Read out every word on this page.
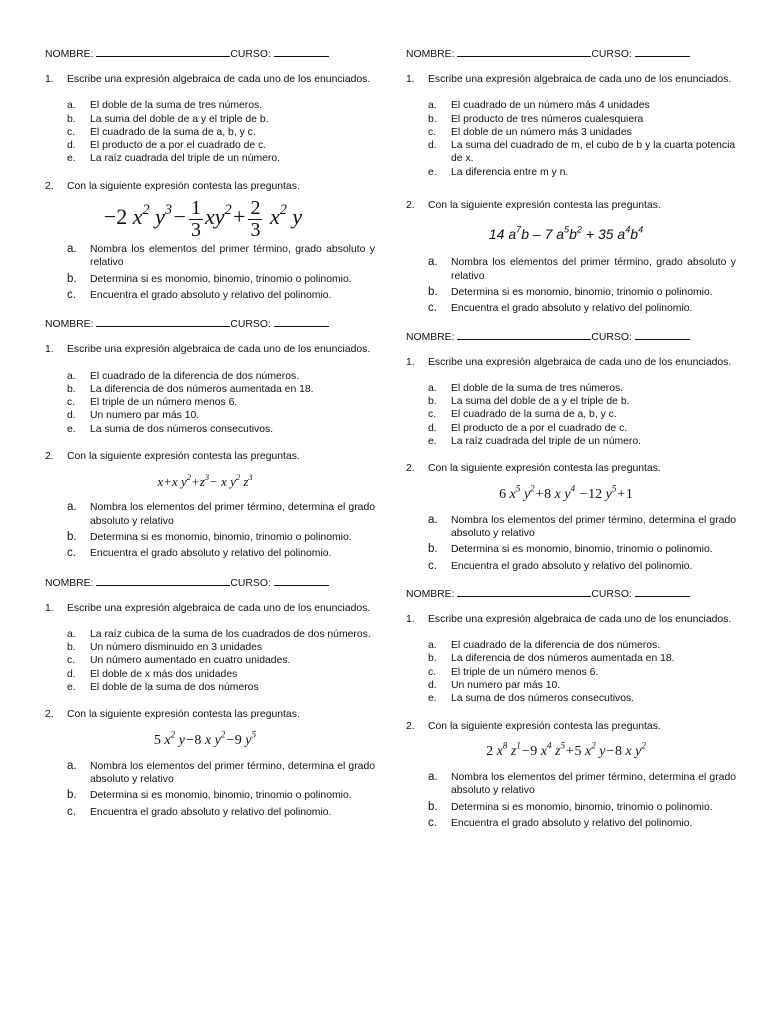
NOMBRE:	CURSO:
1. Escribe una expresión algebraica de cada uno de los enunciados.
a. El doble de la suma de tres números.
b. La suma del doble de a y el triple de b.
c. El cuadrado de la suma de a, b, y c.
d. El producto de a por el cuadrado de c.
e. La raíz cuadrada del triple de un número.
2. Con la siguiente expresión contesta las preguntas.
−2 $x^2$ $y^3- \frac{1}{3} xy^2+ \frac{2}{3} x^2$ y
a. Nombra los elementos del primer término, grado absoluto y relativo
b. Determina si es monomio, binomio, trinomio o polinomio.
c. Encuentra el grado absoluto y relativo del polinomio.
NOMBRE:	CURSO:
1. Escribe una expresión algebraica de cada uno de los enunciados.
a. El cuadrado de la diferencia de dos números.
b. La diferencia de dos números aumentada en 18.
c. El triple de un número menos 6.
d. Un numero par más 10.
e. La suma de dos números consecutivos.
2. Con la siguiente expresión contesta las preguntas.
x+x $y^2+z^3- x$ $y^2$ $z^3$
a. Nombra los elementos del primer término, determina el grado absoluto y relativo
b. Determina si es monomio, binomio, trinomio o polinomio.
c. Encuentra el grado absoluto y relativo del polinomio.
NOMBRE:	CURSO:
1. Escribe una expresión algebraica de cada uno de los enunciados.
a. La raíz cubica de la suma de los cuadrados de dos números.
b. Un número disminuido en 3 unidades
c. Un número aumentado en cuatro unidades.
d. El doble de x más dos unidades
e. El doble de la suma de dos números
2. Con la siguiente expresión contesta las preguntas.
5 $x^2$ y−8 x $y^2-9$ $y^5$
a. Nombra los elementos del primer término, determina el grado absoluto y relativo
b. Determina si es monomio, binomio, trinomio o polinomio.
c. Encuentra el grado absoluto y relativo del polinomio.
NOMBRE:	CURSO:
1. Escribe una expresión algebraica de cada uno de los enunciados.
a. El cuadrado de un número más 4 unidades
b. El producto de tres números cualesquiera
c. El doble de un número más 3 unidades
d. La suma del cuadrado de m, el cubo de b y la cuarta potencia de x.
e. La diferencia entre m y n.
2. Con la siguiente expresión contesta las preguntas.
14 $a^7b - 7$ $a^5b^2 + 35$ $a^4b^4$
a. Nombra los elementos del primer término, grado absoluto y relativo
b. Determina si es monomio, binomio, trinomio o polinomio.
c. Encuentra el grado absoluto y relativo del polinomio.
NOMBRE:	CURSO:
1. Escribe una expresión algebraica de cada uno de los enunciados.
a. El doble de la suma de tres números.
b. La suma del doble de a y el triple de b.
c. El cuadrado de la suma de a, b, y c.
d. El producto de a por el cuadrado de c.
e. La raíz cuadrada del triple de un número.
2. Con la siguiente expresión contesta las preguntas.
6 $x^5$ $y^2+8$ x $y^4 -12$ $y^5+1$
a. Nombra los elementos del primer término, determina el grado absoluto y relativo
b. Determina si es monomio, binomio, trinomio o polinomio.
c. Encuentra el grado absoluto y relativo del polinomio.
NOMBRE:	CURSO:
1. Escribe una expresión algebraica de cada uno de los enunciados.
a. El cuadrado de la diferencia de dos números.
b. La diferencia de dos números aumentada en 18.
c. El triple de un número menos 6.
d. Un numero par más 10.
e. La suma de dos números consecutivos.
2. Con la siguiente expresión contesta las preguntas.
2 $x^8$ $z^1-9$ $x^4$ $z^5+5$ $x^2$ y−8 x $y^2$
a. Nombra los elementos del primer término, determina el grado absoluto y relativo
b. Determina si es monomio, binomio, trinomio o polinomio.
c. Encuentra el grado absoluto y relativo del polinomio.
